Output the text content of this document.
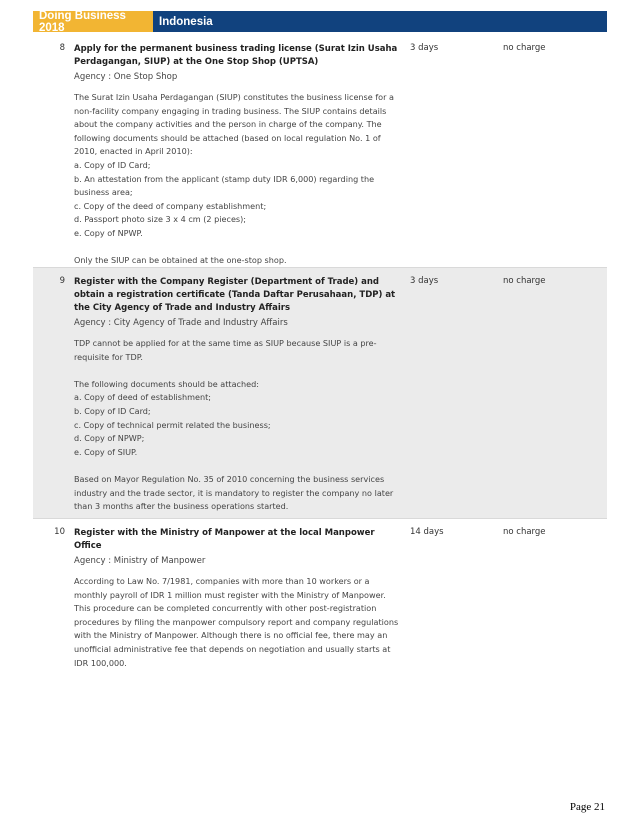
Doing Business 2018	Indonesia
8 Apply for the permanent business trading license (Surat Izin Usaha Perdagangan, SIUP) at the One Stop Shop (UPTSA)
Agency : One Stop Shop
The Surat Izin Usaha Perdagangan (SIUP) constitutes the business license for a non-facility company engaging in trading business. The SIUP contains details about the company activities and the person in charge of the company. The following documents should be attached (based on local regulation No. 1 of 2010, enacted in April 2010):
a. Copy of ID Card;
b. An attestation from the applicant (stamp duty IDR 6,000) regarding the business area;
c. Copy of the deed of company establishment;
d. Passport photo size 3 x 4 cm (2 pieces);
e. Copy of NPWP.

Only the SIUP can be obtained at the one-stop shop.
3 days	no charge
9 Register with the Company Register (Department of Trade) and obtain a registration certificate (Tanda Daftar Perusahaan, TDP) at the City Agency of Trade and Industry Affairs
Agency : City Agency of Trade and Industry Affairs
TDP cannot be applied for at the same time as SIUP because SIUP is a pre-requisite for TDP.

The following documents should be attached:
a. Copy of deed of establishment;
b. Copy of ID Card;
c. Copy of technical permit related the business;
d. Copy of NPWP;
e. Copy of SIUP.

Based on Mayor Regulation No. 35 of 2010 concerning the business services industry and the trade sector, it is mandatory to register the company no later than 3 months after the business operations started.
3 days	no charge
10 Register with the Ministry of Manpower at the local Manpower Office
Agency : Ministry of Manpower
According to Law No. 7/1981, companies with more than 10 workers or a monthly payroll of IDR 1 million must register with the Ministry of Manpower. This procedure can be completed concurrently with other post-registration procedures by filing the manpower compulsory report and company regulations with the Ministry of Manpower. Although there is no official fee, there may an unofficial administrative fee that depends on negotiation and usually starts at IDR 100,000.
14 days	no charge
Page 21
